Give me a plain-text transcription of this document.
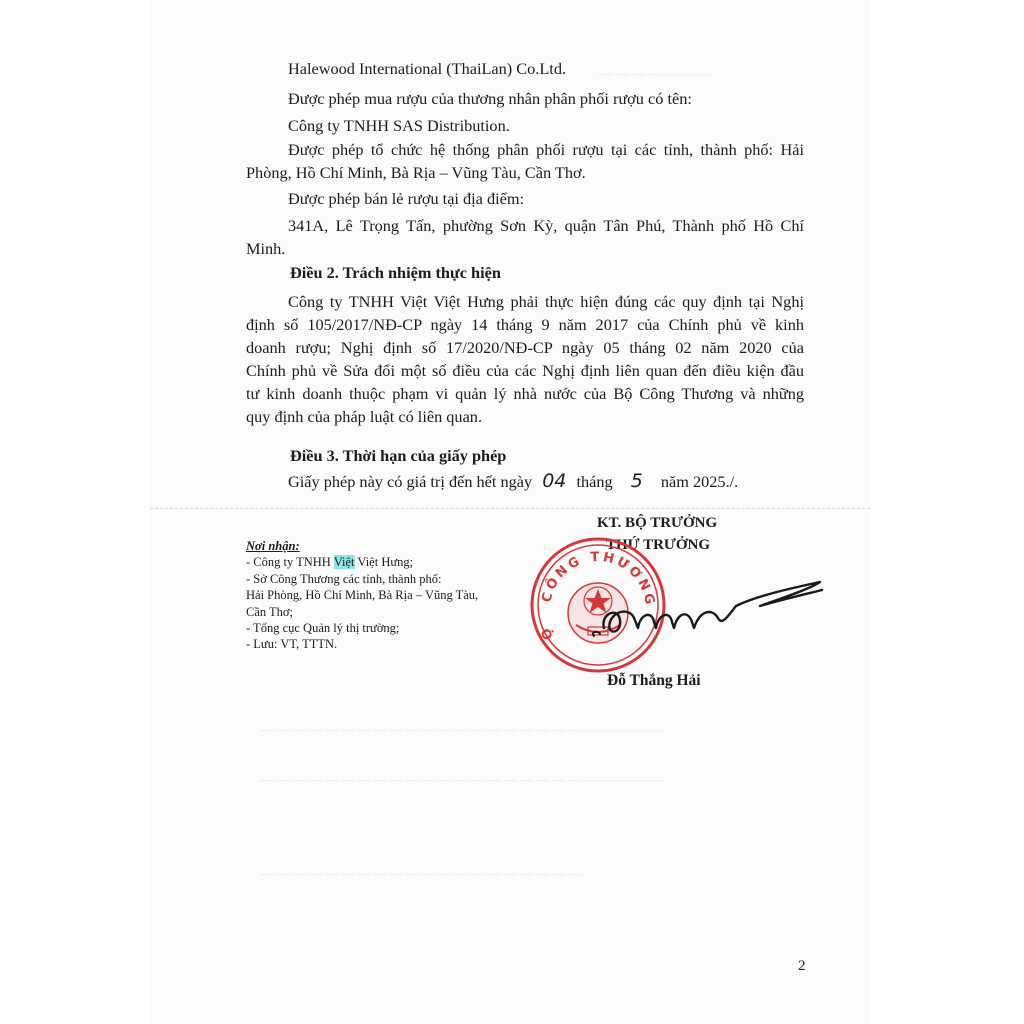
— — — — — — —
— — — — — — — — — — — — — — — — — — — — — — — — —
— — — — — — — — — — — — — — — — — — — — — — — — —
— — — — — — — — — — — — — — — — — — — —
Halewood International (ThaiLan) Co.Ltd.
Được phép mua rượu của thương nhân phân phối rượu có tên:
Công ty TNHH SAS Distribution.
Được phép tổ chức hệ thống phân phối rượu tại các tỉnh, thành phố: Hải
Phòng, Hồ Chí Minh, Bà Rịa – Vũng Tàu, Cần Thơ.
Được phép bán lẻ rượu tại địa điểm:
341A, Lê Trọng Tấn, phường Sơn Kỳ, quận Tân Phú, Thành phố Hồ Chí
Minh.
Điều 2. Trách nhiệm thực hiện
Công ty TNHH Việt Việt Hưng phải thực hiện đúng các quy định tại Nghị
định số 105/2017/NĐ-CP ngày 14 tháng 9 năm 2017 của Chính phủ về kinh
doanh rượu; Nghị định số 17/2020/NĐ-CP ngày 05 tháng 02 năm 2020 của
Chính phủ về Sửa đổi một số điều của các Nghị định liên quan đến điều kiện đầu
tư kinh doanh thuộc phạm vi quản lý nhà nước của Bộ Công Thương và những
quy định của pháp luật có liên quan.
Điều 3. Thời hạn của giấy phép
Giấy phép này có giá trị đến hết ngày 04 tháng 5 năm 2025./.
Nơi nhận:
- Công ty TNHH Việt Việt Hưng;
- Sở Công Thương các tỉnh, thành phố:
Hải Phòng, Hồ Chí Minh, Bà Rịa – Vũng Tàu,
Cần Thơ;
- Tổng cục Quản lý thị trường;
- Lưu: VT, TTTN.
KT. BỘ TRƯỞNG
THỨ TRƯỞNG
CÔNG THƯƠNG
Ộ
Đỗ Thắng Hải
2
